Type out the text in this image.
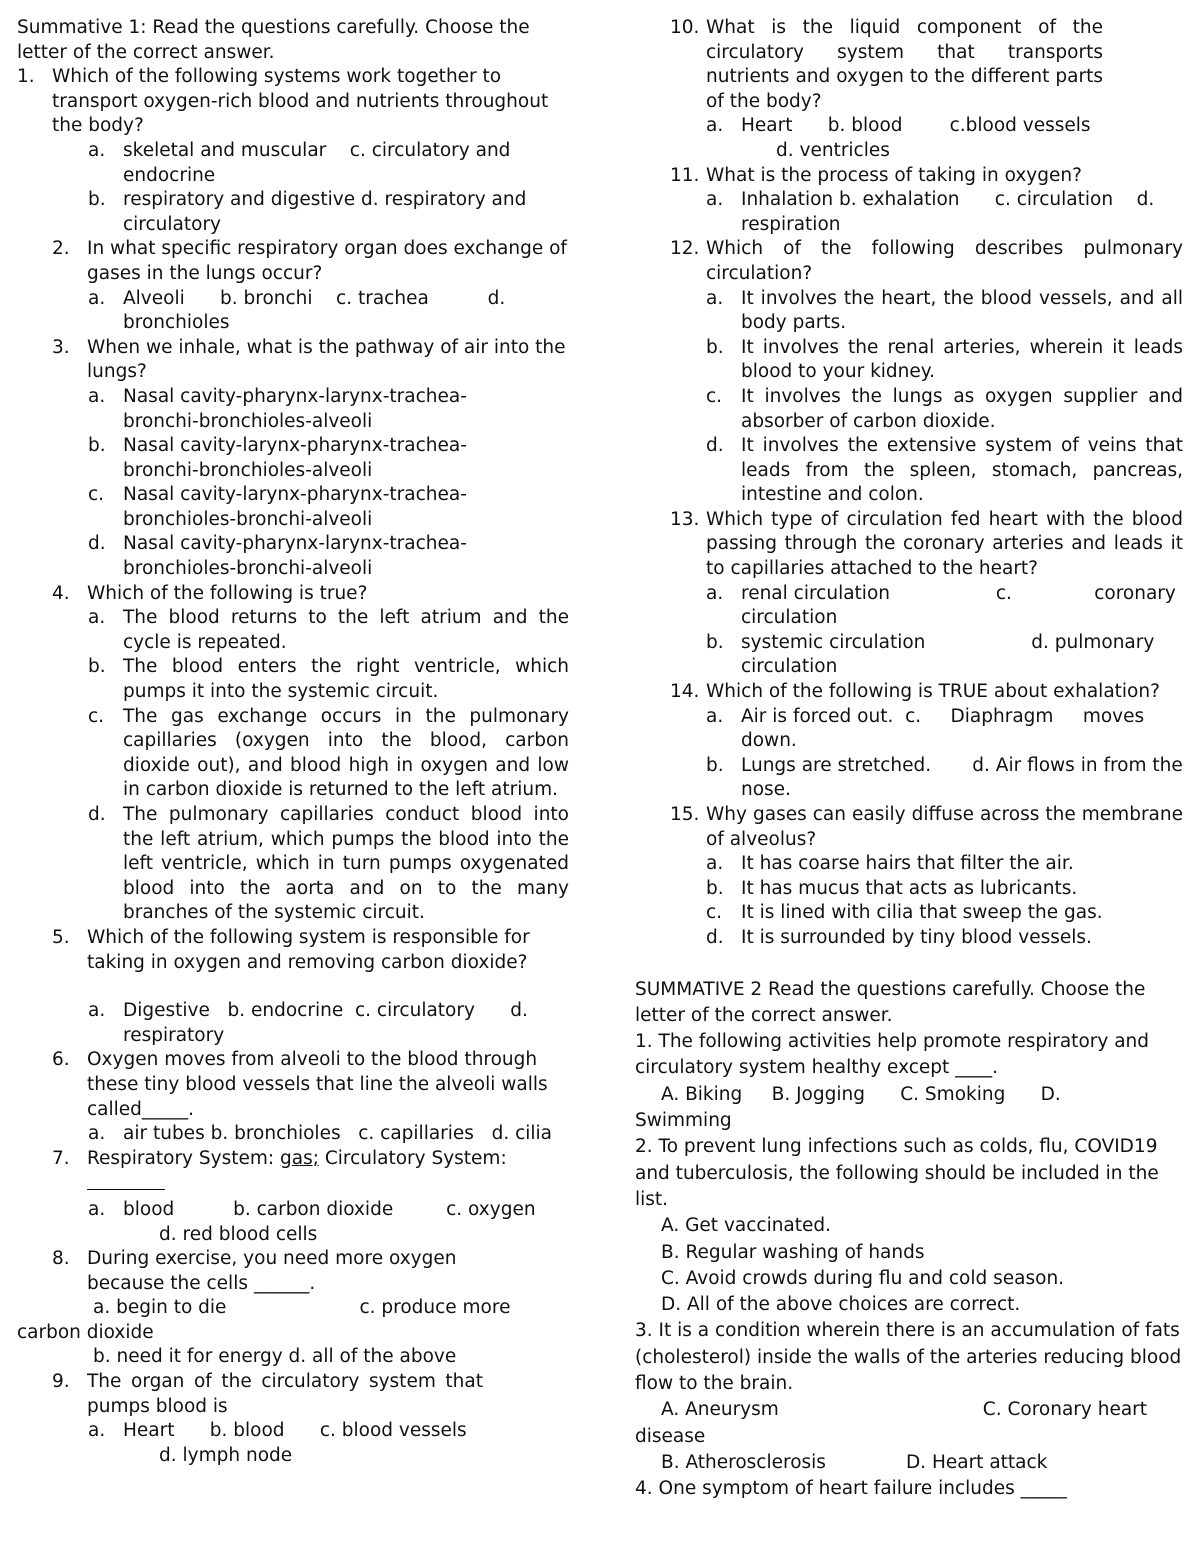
Summative 1: Read the questions carefully. Choose the letter of the correct answer.

1. Which of the following systems work together to transport oxygen-rich blood and nutrients throughout the body?
a. skeletal and muscular    c. circulatory and endocrine
b. respiratory and digestive d. respiratory and circulatory
2. In what specific respiratory organ does exchange of gases in the lungs occur?
a. Alveoli      b. bronchi    c. trachea          d. bronchioles
3. When we inhale, what is the pathway of air into the lungs?
a. Nasal cavity-pharynx-larynx-trachea-bronchi-bronchioles-alveoli
b. Nasal cavity-larynx-pharynx-trachea-bronchi-bronchioles-alveoli
c. Nasal cavity-larynx-pharynx-trachea-bronchioles-bronchi-alveoli
d. Nasal cavity-pharynx-larynx-trachea-bronchioles-bronchi-alveoli
4. Which of the following is true?
a. The blood returns to the left atrium and the cycle is repeated.
b. The blood enters the right ventricle, which pumps it into the systemic circuit.
c. The gas exchange occurs in the pulmonary capillaries (oxygen into the blood, carbon dioxide out), and blood high in oxygen and low in carbon dioxide is returned to the left atrium.
d. The pulmonary capillaries conduct blood into the left atrium, which pumps the blood into the left ventricle, which in turn pumps oxygenated blood into the aorta and on to the many branches of the systemic circuit.
5. Which of the following system is responsible for taking in oxygen and removing carbon dioxide?
a. Digestive   b. endocrine  c. circulatory      d. respiratory
6. Oxygen moves from alveoli to the blood through these tiny blood vessels that line the alveoli walls called_____.
a. air tubes b. bronchioles   c. capillaries   d. cilia
7. Respiratory System: gas; Circulatory System:
a. blood          b. carbon dioxide         c. oxygen

d. red blood cells

8. During exercise, you need more oxygen because the cells ______.

a. begin to die	c. produce more

carbon dioxide

b. need it for energy d. all of the above

9. The organ of the circulatory system that pumps blood is
a. Heart      b. blood      c. blood vessels

d. lymph node

10. What is the liquid component of the circulatory system that transports nutrients and oxygen to the different parts of the body?
a. Heart      b. blood        c.blood vessels

d. ventricles

11. What is the process of taking in oxygen?
a. Inhalation b. exhalation      c. circulation    d. respiration
12. Which of the following describes pulmonary circulation?
a. It involves the heart, the blood vessels, and all body parts.
b. It involves the renal arteries, wherein it leads blood to your kidney.
c. It involves the lungs as oxygen supplier and absorber of carbon dioxide.
d. It involves the extensive system of veins that leads from the spleen, stomach, pancreas, intestine and colon.
13. Which type of circulation fed heart with the blood passing through the coronary arteries and leads it to capillaries attached to the heart?
a. renal circulation                  c.              coronary circulation
b. systemic circulation                  d. pulmonary circulation
14. Which of the following is TRUE about exhalation?
a. Air is forced out.  c.     Diaphragm     moves down.
b. Lungs are stretched.       d. Air flows in from the nose.
15. Why gases can easily diffuse across the membrane of alveolus?
a. It has coarse hairs that filter the air.
b. It has mucus that acts as lubricants.
c. It is lined with cilia that sweep the gas.
d. It is surrounded by tiny blood vessels.

SUMMATIVE 2 Read the questions carefully. Choose the letter of the correct answer.

1. The following activities help promote respiratory and circulatory system healthy except ____.

A. Biking     B. Jogging      C. Smoking      D.

Swimming

2. To prevent lung infections such as colds, flu, COVID19 and tuberculosis, the following should be included in the list.

A. Get vaccinated.

B. Regular washing of hands

C. Avoid crowds during flu and cold season.

D. All of the above choices are correct.

3. It is a condition wherein there is an accumulation of fats (cholesterol) inside the walls of the arteries reducing blood flow to the brain.

A. Aneurysm	C. Coronary heart

disease

B. Atherosclerosis	D. Heart attack

4. One symptom of heart failure includes _____
